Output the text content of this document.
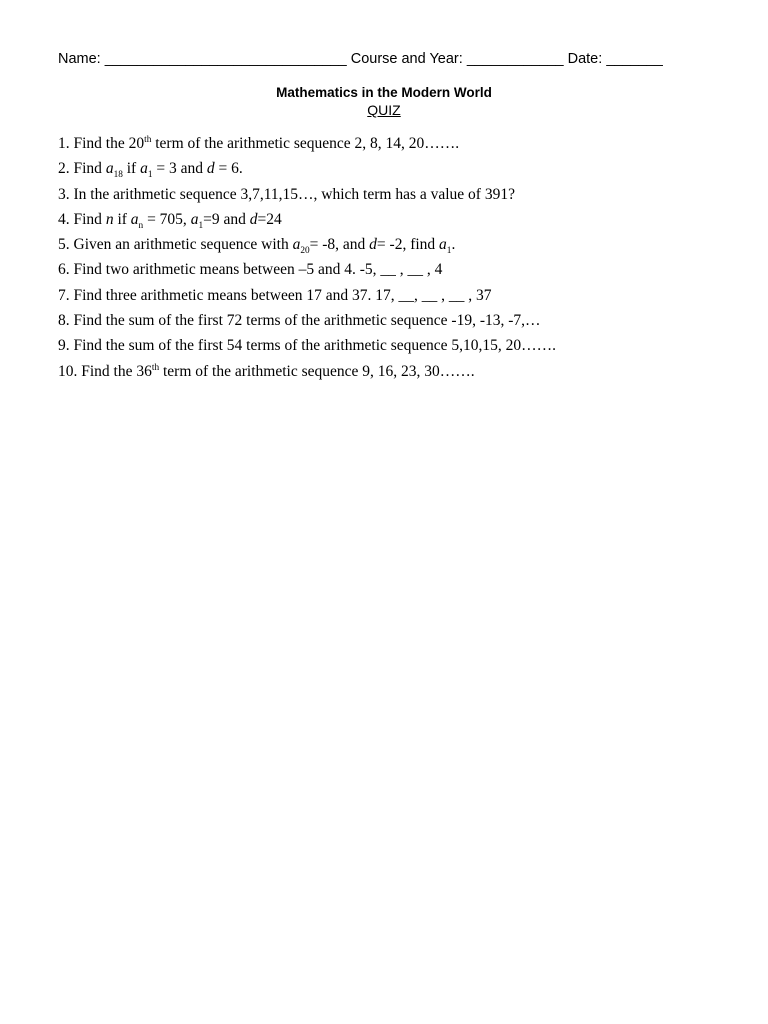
Name: ______________________________ Course and Year: ____________ Date: _______
Mathematics in the Modern World
QUIZ
1. Find the 20th term of the arithmetic sequence 2, 8, 14, 20…….
2. Find $a_{18}$ if $a_1 = 3$ and d = 6.
3. In the arithmetic sequence 3,7,11,15…, which term has a value of 391?
4. Find n if $a_n = 705$, $a_1=9$ and d=24
5. Given an arithmetic sequence with $a_{20}= -8$, and d= -2, find $a_1$.
6. Find two arithmetic means between –5 and 4. -5, __ , __ , 4
7. Find three arithmetic means between 17 and 37. 17, __, __ , __ , 37
8. Find the sum of the first 72 terms of the arithmetic sequence -19, -13, -7,…
9. Find the sum of the first 54 terms of the arithmetic sequence 5,10,15, 20…….
10. Find the 36th term of the arithmetic sequence 9, 16, 23, 30…….
